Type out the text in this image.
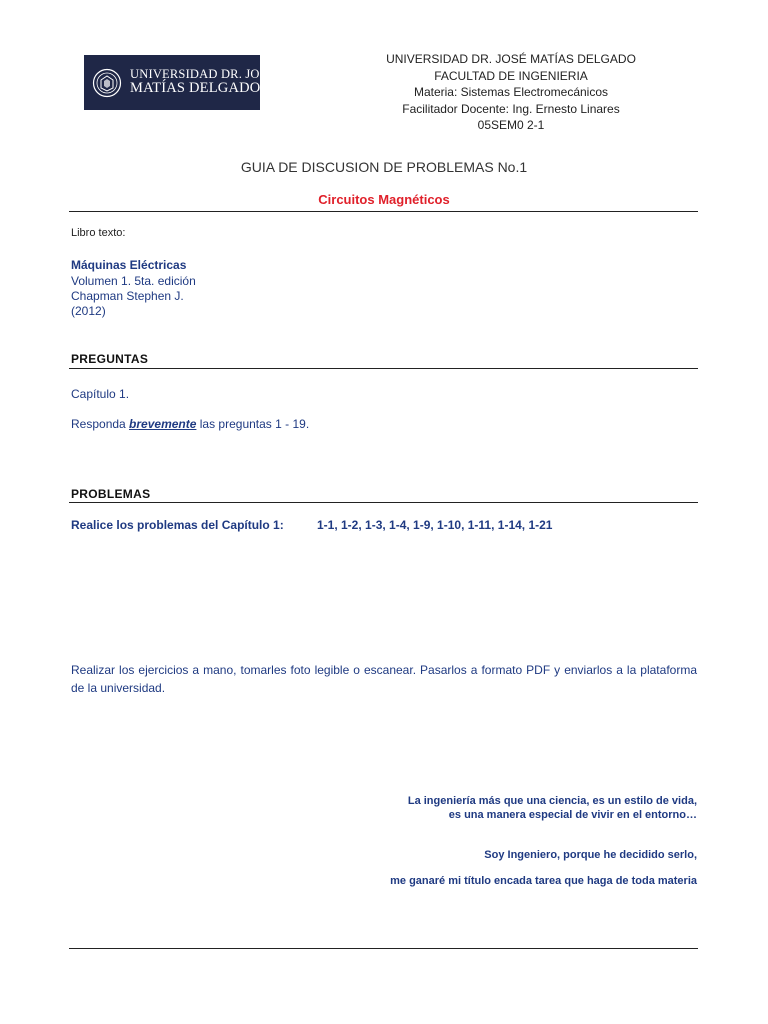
UNIVERSIDAD DR. JOSÉ
MATÍAS DELGADO
UNIVERSIDAD DR. JOSÉ MATÍAS DELGADO
FACULTAD DE INGENIERIA
Materia: Sistemas Electromecánicos
Facilitador Docente: Ing. Ernesto Linares
05SEM0 2-1
GUIA DE DISCUSION DE PROBLEMAS No.1
Circuitos Magnéticos
Libro texto:
Máquinas Eléctricas
Volumen 1. 5ta. edición
Chapman Stephen J.
(2012)
PREGUNTAS
Capítulo 1.
Responda brevemente las preguntas 1 - 19.
PROBLEMAS
Realice los problemas del Capítulo 1:	1-1, 1-2, 1-3, 1-4, 1-9, 1-10, 1-11, 1-14, 1-21
Realizar los ejercicios a mano, tomarles foto legible o escanear. Pasarlos a formato PDF y enviarlos a la plataforma de la universidad.
La ingeniería más que una ciencia, es un estilo de vida,
es una manera especial de vivir en el entorno…
Soy Ingeniero, porque he decidido serlo,
me ganaré mi título encada tarea que haga de toda materia
